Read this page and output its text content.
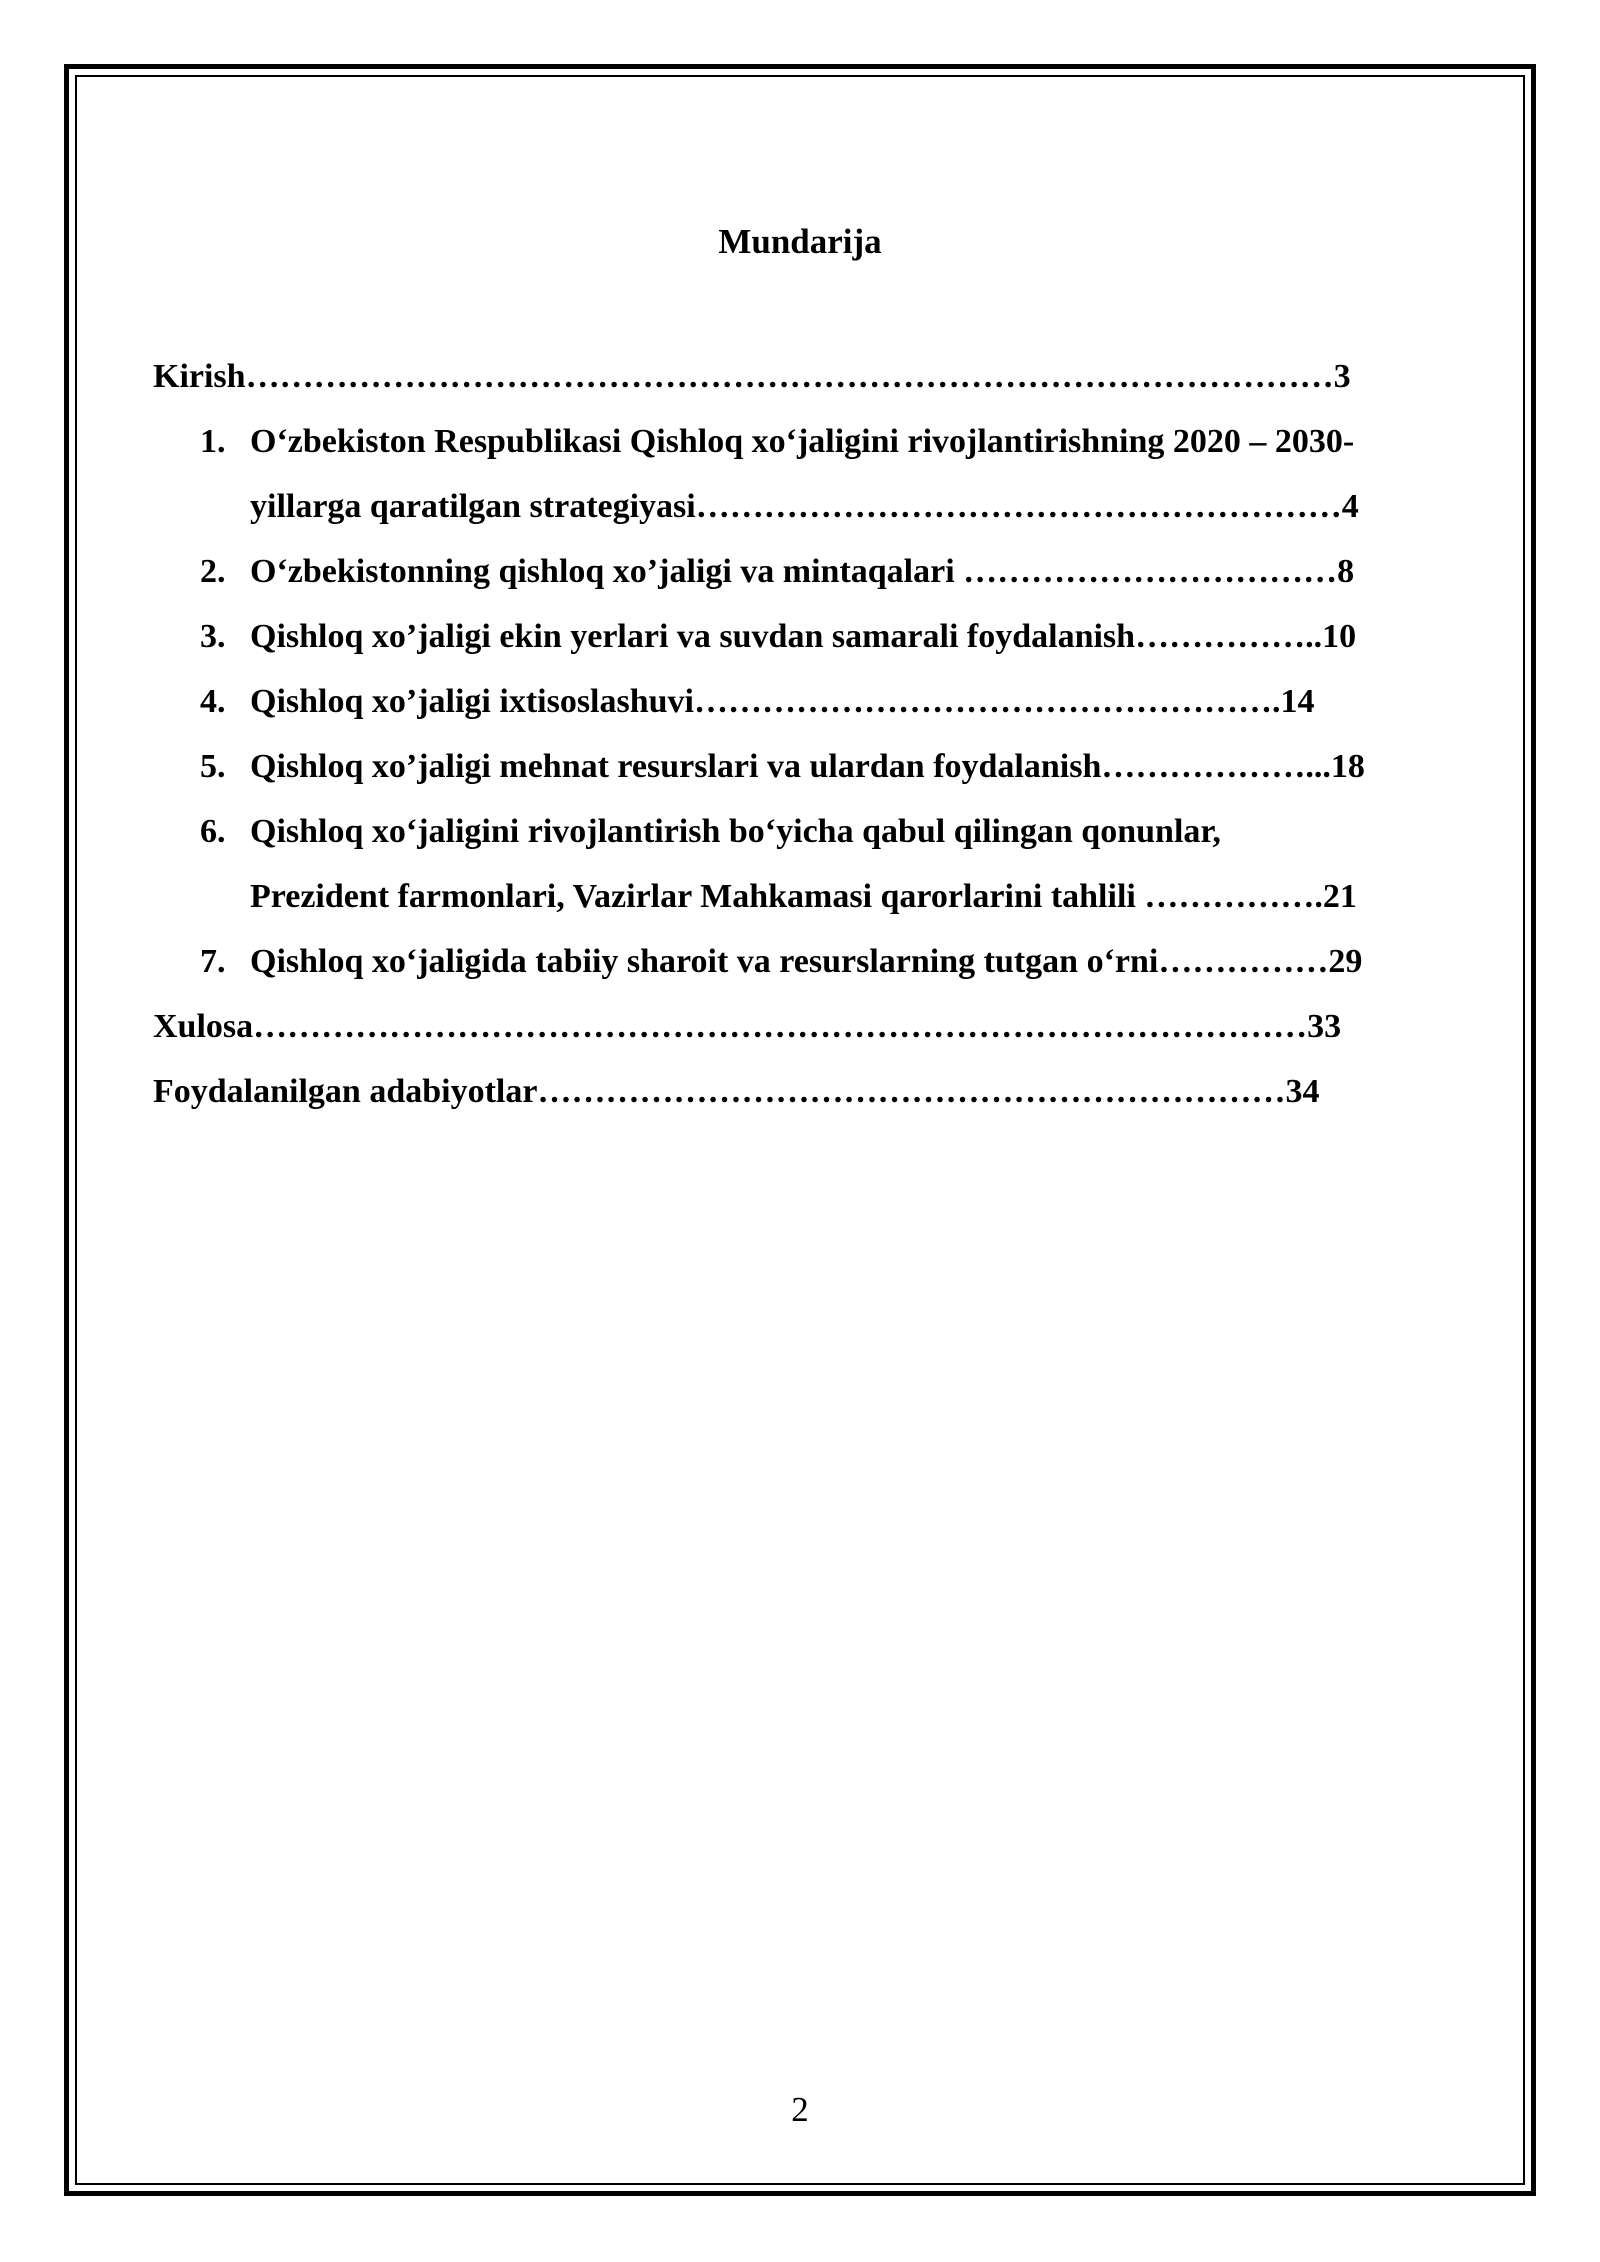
Mundarija
Kirish……………………………………………………………………………………3
1. O‘zbekiston Respublikasi Qishloq xo‘jaligini rivojlantirishning 2020 – 2030-
yillarga qaratilgan strategiyasi…………………………………………………4
2. O‘zbekistonning qishloq xo’jaligi va mintaqalari ……………………………8
3. Qishloq xo’jaligi ekin yerlari va suvdan samarali foydalanish……………..10
4. Qishloq xo’jaligi ixtisoslashuvi…………………………………………….14
5. Qishloq xo’jaligi mehnat resurslari va ulardan foydalanish………………...18
6. Qishloq xo‘jaligini rivojlantirish bo‘yicha qabul qilingan qonunlar,
Prezident farmonlari, Vazirlar Mahkamasi qarorlarini tahlili …………….21
7. Qishloq xo‘jaligida tabiiy sharoit va resurslarning tutgan o‘rni……………29
Xulosa…………………………………………………………………………………33
Foydalanilgan adabiyotlar…………………………………………………………34
2
